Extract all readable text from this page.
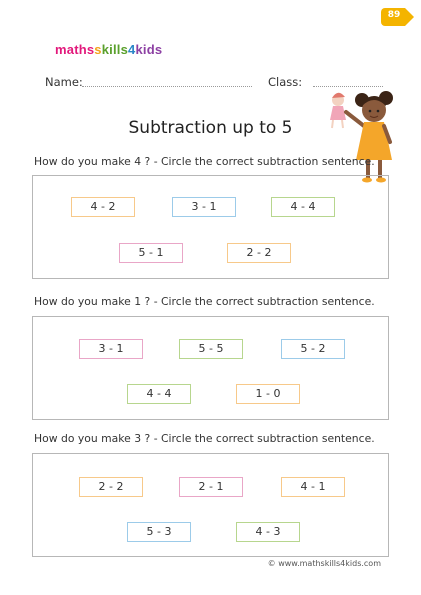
mathsskills4kids
89
Name:	Class:
Subtraction up to 5
How do you make 4 ? - Circle the correct subtraction sentence.
4 - 2	3 - 1	4 - 4
5 - 1	2 - 2
How do you make 1 ? - Circle the correct subtraction sentence.
3 - 1	5 - 5	5 - 2
4 - 4	1 - 0
How do you make 3 ? - Circle the correct subtraction sentence.
2 - 2	2 - 1	4 - 1
5 - 3	4 - 3
© www.mathskills4kids.com
